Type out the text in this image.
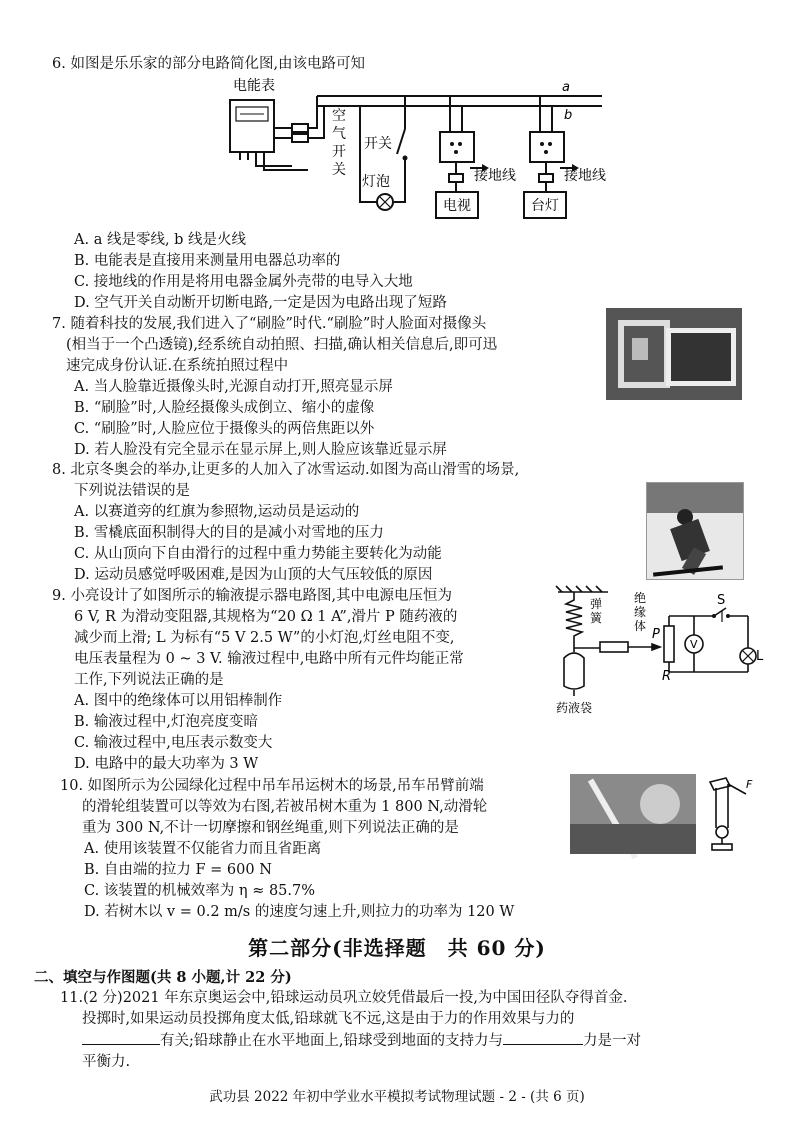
6. 如图是乐乐家的部分电路简化图,由该电路可知
电能表	a
b
空
气
开
关
开关
灯泡	接地线	接地线
电视	台灯
A. a 线是零线, b 线是火线
B. 电能表是直接用来测量用电器总功率的
C. 接地线的作用是将用电器金属外壳带的电导入大地
D. 空气开关自动断开切断电路,一定是因为电路出现了短路
7. 随着科技的发展,我们进入了“刷脸”时代.“刷脸”时人脸面对摄像头
(相当于一个凸透镜),经系统自动拍照、扫描,确认相关信息后,即可迅
速完成身份认证.在系统拍照过程中
A. 当人脸靠近摄像头时,光源自动打开,照亮显示屏
B. “刷脸”时,人脸经摄像头成倒立、缩小的虚像
C. “刷脸”时,人脸应位于摄像头的两倍焦距以外
D. 若人脸没有完全显示在显示屏上,则人脸应该靠近显示屏
8. 北京冬奥会的举办,让更多的人加入了冰雪运动.如图为高山滑雪的场景,
下列说法错误的是
A. 以赛道旁的红旗为参照物,运动员是运动的
B. 雪橇底面积制得大的目的是减小对雪地的压力
C. 从山顶向下自由滑行的过程中重力势能主要转化为动能
D. 运动员感觉呼吸困难,是因为山顶的大气压较低的原因
9. 小亮设计了如图所示的输液提示器电路图,其中电源电压恒为
6 V, R 为滑动变阻器,其规格为“20 Ω 1 A”,滑片 P 随药液的
减少而上滑; L 为标有“5 V 2.5 W”的小灯泡,灯丝电阻不变,
电压表量程为 0 ~ 3 V. 输液过程中,电路中所有元件均能正常
工作,下列说法正确的是
A. 图中的绝缘体可以用铝棒制作
B. 输液过程中,灯泡亮度变暗
C. 输液过程中,电压表示数变大
D. 电路中的最大功率为 3 W
弹
簧
绝
缘
体
药液袋
S
P
R
V
L
10. 如图所示为公园绿化过程中吊车吊运树木的场景,吊车吊臂前端
的滑轮组装置可以等效为右图,若被吊树木重为 1 800 N,动滑轮
重为 300 N,不计一切摩擦和钢丝绳重,则下列说法正确的是
A. 使用该装置不仅能省力而且省距离
B. 自由端的拉力 F = 600 N
C. 该装置的机械效率为 η ≈ 85.7%
D. 若树木以 v = 0.2 m/s 的速度匀速上升,则拉力的功率为 120 W
F
第二部分(非选择题　共 60 分)
二、填空与作图题(共 8 小题,计 22 分)
11.(2 分)2021 年东京奥运会中,铅球运动员巩立姣凭借最后一投,为中国田径队夺得首金.
投掷时,如果运动员投掷角度太低,铅球就飞不远,这是由于力的作用效果与力的
有关;铅球静止在水平地面上,铅球受到地面的支持力与	力是一对
平衡力.
武功县 2022 年初中学业水平模拟考试物理试题 - 2 - (共 6 页)
